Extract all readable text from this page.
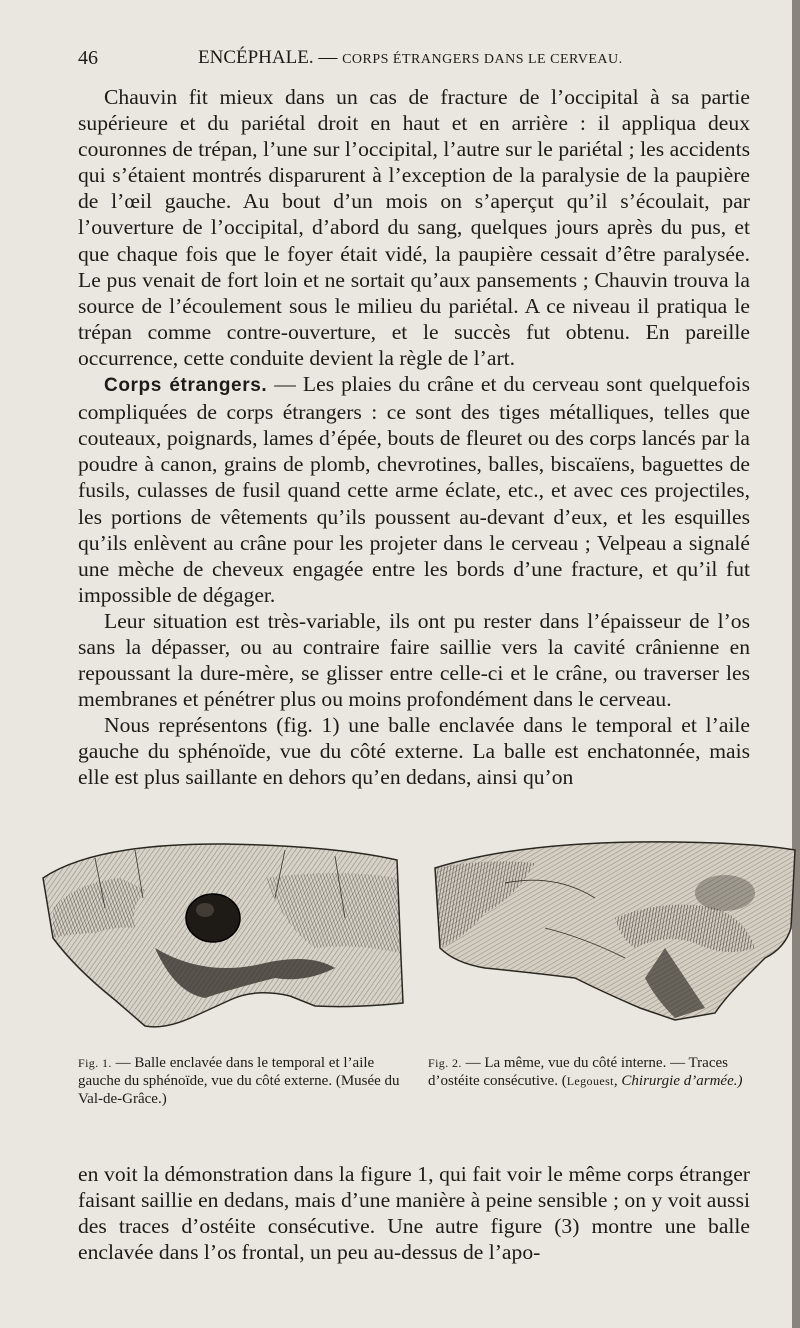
46	ENCÉPHALE. — CORPS ÉTRANGERS DANS LE CERVEAU.

Chauvin fit mieux dans un cas de fracture de l’occipital à sa partie supérieure et du pariétal droit en haut et en arrière : il appliqua deux couronnes de trépan, l’une sur l’occipital, l’autre sur le pariétal ; les accidents qui s’étaient montrés disparurent à l’exception de la paralysie de la paupière de l’œil gauche. Au bout d’un mois on s’aperçut qu’il s’écoulait, par l’ouverture de l’occipital, d’abord du sang, quelques jours après du pus, et que chaque fois que le foyer était vidé, la paupière cessait d’être paralysée. Le pus venait de fort loin et ne sortait qu’aux pansements ; Chauvin trouva la source de l’écoulement sous le milieu du pariétal. A ce niveau il pratiqua le trépan comme contre-ouverture, et le succès fut obtenu. En pareille occurrence, cette conduite devient la règle de l’art.

Corps étrangers. — Les plaies du crâne et du cerveau sont quelquefois compliquées de corps étrangers : ce sont des tiges métalliques, telles que couteaux, poignards, lames d’épée, bouts de fleuret ou des corps lancés par la poudre à canon, grains de plomb, chevrotines, balles, biscaïens, baguettes de fusils, culasses de fusil quand cette arme éclate, etc., et avec ces projectiles, les portions de vêtements qu’ils poussent au-devant d’eux, et les esquilles qu’ils enlèvent au crâne pour les projeter dans le cerveau ; Velpeau a signalé une mèche de cheveux engagée entre les bords d’une fracture, et qu’il fut impossible de dégager.

Leur situation est très-variable, ils ont pu rester dans l’épaisseur de l’os sans la dépasser, ou au contraire faire saillie vers la cavité crânienne en repoussant la dure-mère, se glisser entre celle-ci et le crâne, ou traverser les membranes et pénétrer plus ou moins profondément dans le cerveau.

Nous représentons (fig. 1) une balle enclavée dans le temporal et l’aile gauche du sphénoïde, vue du côté externe. La balle est enchatonnée, mais elle est plus saillante en dehors qu’en dedans, ainsi qu’on

Fig. 1. — Balle enclavée dans le temporal et l’aile gauche du sphénoïde, vue du côté externe. (Musée du Val-de-Grâce.)
Fig. 2. — La même, vue du côté interne. — Traces d’ostéite consécutive. (Legouest, Chirurgie d’armée.)

en voit la démonstration dans la figure 1, qui fait voir le même corps étranger faisant saillie en dedans, mais d’une manière à peine sensible ; on y voit aussi des traces d’ostéite consécutive. Une autre figure (3) montre une balle enclavée dans l’os frontal, un peu au-dessus de l’apo-
